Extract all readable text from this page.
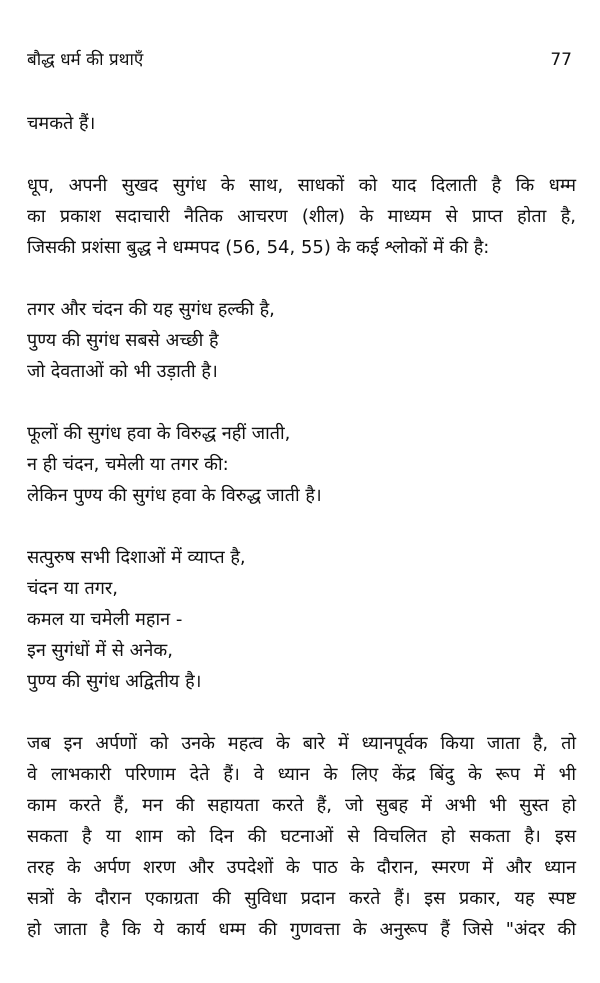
बौद्ध धर्म की प्रथाएँ	77
चमकते हैं।
धूप, अपनी सुखद सुगंध के साथ, साधकों को याद दिलाती है कि धम्म
का प्रकाश सदाचारी नैतिक आचरण (शील) के माध्यम से प्राप्त होता है,
जिसकी प्रशंसा बुद्ध ने धम्मपद (56, 54, 55) के कई श्लोकों में की है:
तगर और चंदन की यह सुगंध हल्की है,
पुण्य की सुगंध सबसे अच्छी है
जो देवताओं को भी उड़ाती है।
फूलों की सुगंध हवा के विरुद्ध नहीं जाती,
न ही चंदन, चमेली या तगर की:
लेकिन पुण्य की सुगंध हवा के विरुद्ध जाती है।
सत्पुरुष सभी दिशाओं में व्याप्त है,
चंदन या तगर,
कमल या चमेली महान -
इन सुगंधों में से अनेक,
पुण्य की सुगंध अद्वितीय है।
जब इन अर्पणों को उनके महत्व के बारे में ध्यानपूर्वक किया जाता है, तो
वे लाभकारी परिणाम देते हैं। वे ध्यान के लिए केंद्र बिंदु के रूप में भी
काम करते हैं, मन की सहायता करते हैं, जो सुबह में अभी भी सुस्त हो
सकता है या शाम को दिन की घटनाओं से विचलित हो सकता है। इस
तरह के अर्पण शरण और उपदेशों के पाठ के दौरान, स्मरण में और ध्यान
सत्रों के दौरान एकाग्रता की सुविधा प्रदान करते हैं। इस प्रकार, यह स्पष्ट
हो जाता है कि ये कार्य धम्म की गुणवत्ता के अनुरूप हैं जिसे "अंदर की
